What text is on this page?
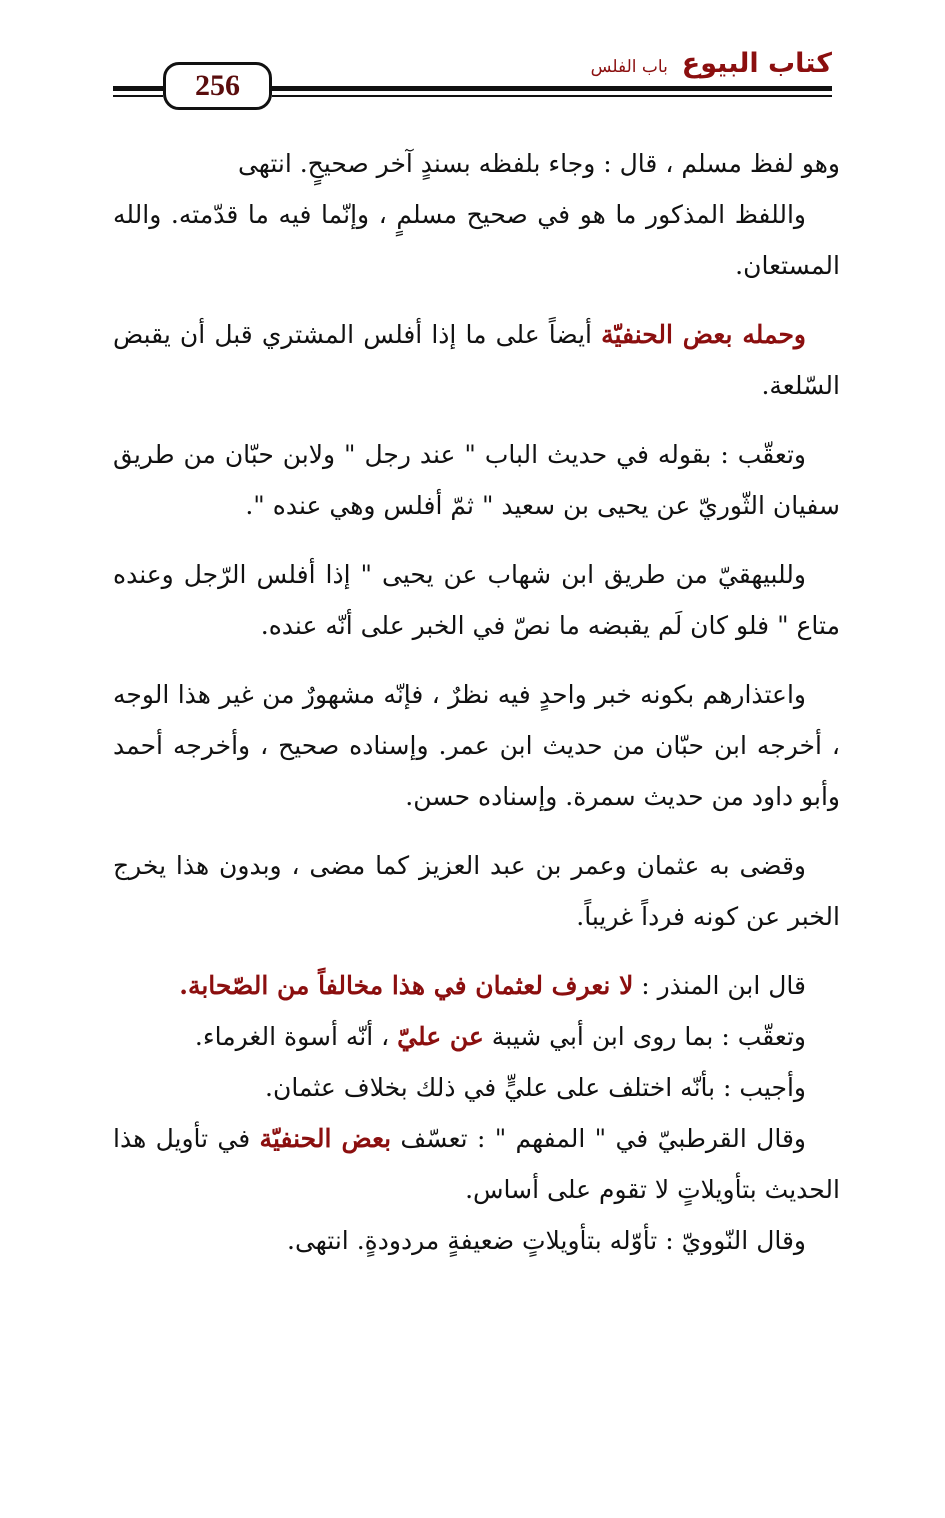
256
كتاب البيوع
باب الفلس

وهو لفظ مسلم ، قال : وجاء بلفظه بسندٍ آخر صحيحٍ. انتهى

واللفظ المذكور ما هو في صحيح مسلمٍ ، وإنّما فيه ما قدّمته. والله المستعان.

وحمله بعض الحنفيّة أيضاً على ما إذا أفلس المشتري قبل أن يقبض السّلعة.

وتعقّب : بقوله في حديث الباب " عند رجل " ولابن حبّان من طريق سفيان الثّوريّ عن يحيى بن سعيد " ثمّ أفلس وهي عنده ".

وللبيهقيّ من طريق ابن شهاب عن يحيى " إذا أفلس الرّجل وعنده متاع " فلو كان لَم يقبضه ما نصّ في الخبر على أنّه عنده.

واعتذارهم بكونه خبر واحدٍ فيه نظرٌ ، فإنّه مشهورٌ من غير هذا الوجه ، أخرجه ابن حبّان من حديث ابن عمر. وإسناده صحيح ، وأخرجه أحمد وأبو داود من حديث سمرة. وإسناده حسن.

وقضى به عثمان وعمر بن عبد العزيز كما مضى ، وبدون هذا يخرج الخبر عن كونه فرداً غريباً.

قال ابن المنذر : لا نعرف لعثمان في هذا مخالفاً من الصّحابة.

وتعقّب : بما روى ابن أبي شيبة عن عليّ ، أنّه أسوة الغرماء.

وأجيب : بأنّه اختلف على عليٍّ في ذلك بخلاف عثمان.

وقال القرطبيّ في " المفهم " : تعسّف بعض الحنفيّة في تأويل هذا الحديث بتأويلاتٍ لا تقوم على أساس.

وقال النّوويّ : تأوّله بتأويلاتٍ ضعيفةٍ مردودةٍ. انتهى.
